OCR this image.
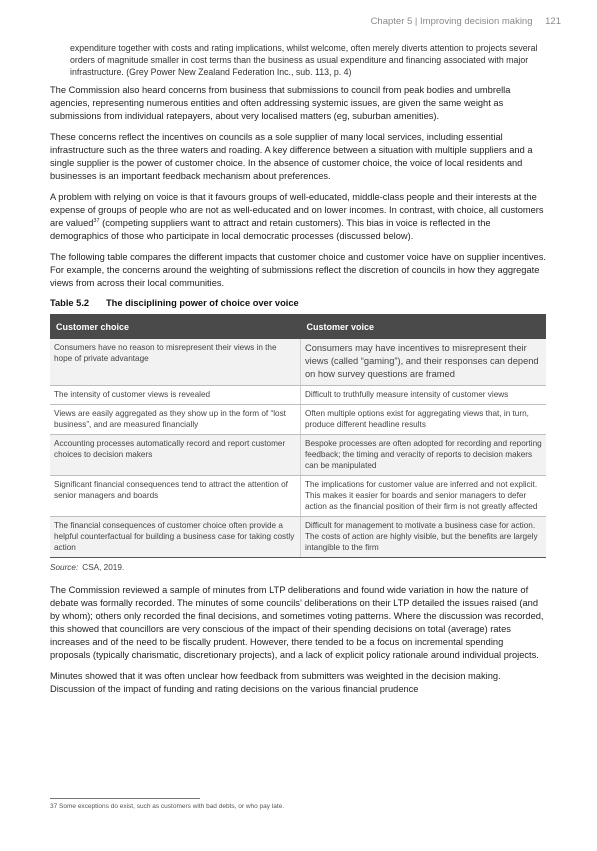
Chapter 5 | Improving decision making 121
expenditure together with costs and rating implications, whilst welcome, often merely diverts attention to projects several orders of magnitude smaller in cost terms than the business as usual expenditure and financing associated with major infrastructure. (Grey Power New Zealand Federation Inc., sub. 113, p. 4)

The Commission also heard concerns from business that submissions to council from peak bodies and umbrella agencies, representing numerous entities and often addressing systemic issues, are given the same weight as submissions from individual ratepayers, about very localised matters (eg, suburban amenities).

These concerns reflect the incentives on councils as a sole supplier of many local services, including essential infrastructure such as the three waters and roading. A key difference between a situation with multiple suppliers and a single supplier is the power of customer choice. In the absence of customer choice, the voice of local residents and businesses is an important feedback mechanism about preferences.

A problem with relying on voice is that it favours groups of well-educated, middle-class people and their interests at the expense of groups of people who are not as well-educated and on lower incomes. In contrast, with choice, all customers are valued$^{37}$ (competing suppliers want to attract and retain customers). This bias in voice is reflected in the demographics of those who participate in local democratic processes (discussed below).

The following table compares the different impacts that customer choice and customer voice have on supplier incentives. For example, the concerns around the weighting of submissions reflect the discretion of councils in how they aggregate views from across their local communities.

Table 5.2 The disciplining power of choice over voice
Customer choice	Customer voice
Consumers have no reason to misrepresent their views in the hope of private advantage	Consumers may have incentives to misrepresent their views (called “gaming”), and their responses can depend on how survey questions are framed
The intensity of customer views is revealed	Difficult to truthfully measure intensity of customer views
Views are easily aggregated as they show up in the form of “lost business”, and are measured financially	Often multiple options exist for aggregating views that, in turn, produce different headline results
Accounting processes automatically record and report customer choices to decision makers	Bespoke processes are often adopted for recording and reporting feedback; the timing and veracity of reports to decision makers can be manipulated
Significant financial consequences tend to attract the attention of senior managers and boards	The implications for customer value are inferred and not explicit. This makes it easier for boards and senior managers to defer action as the financial position of their firm is not greatly affected
The financial consequences of customer choice often provide a helpful counterfactual for building a business case for taking costly action	Difficult for management to motivate a business case for action. The costs of action are highly visible, but the benefits are largely intangible to the firm
Source: CSA, 2019.

The Commission reviewed a sample of minutes from LTP deliberations and found wide variation in how the nature of debate was formally recorded. The minutes of some councils’ deliberations on their LTP detailed the issues raised (and by whom); others only recorded the final decisions, and sometimes voting patterns. Where the discussion was recorded, this showed that councillors are very conscious of the impact of their spending decisions on total (average) rates increases and of the need to be fiscally prudent. However, there tended to be a focus on incremental spending proposals (typically charismatic, discretionary projects), and a lack of explicit policy rationale around individual projects.

Minutes showed that it was often unclear how feedback from submitters was weighted in the decision making. Discussion of the impact of funding and rating decisions on the various financial prudence

37 Some exceptions do exist, such as customers with bad debts, or who pay late.
